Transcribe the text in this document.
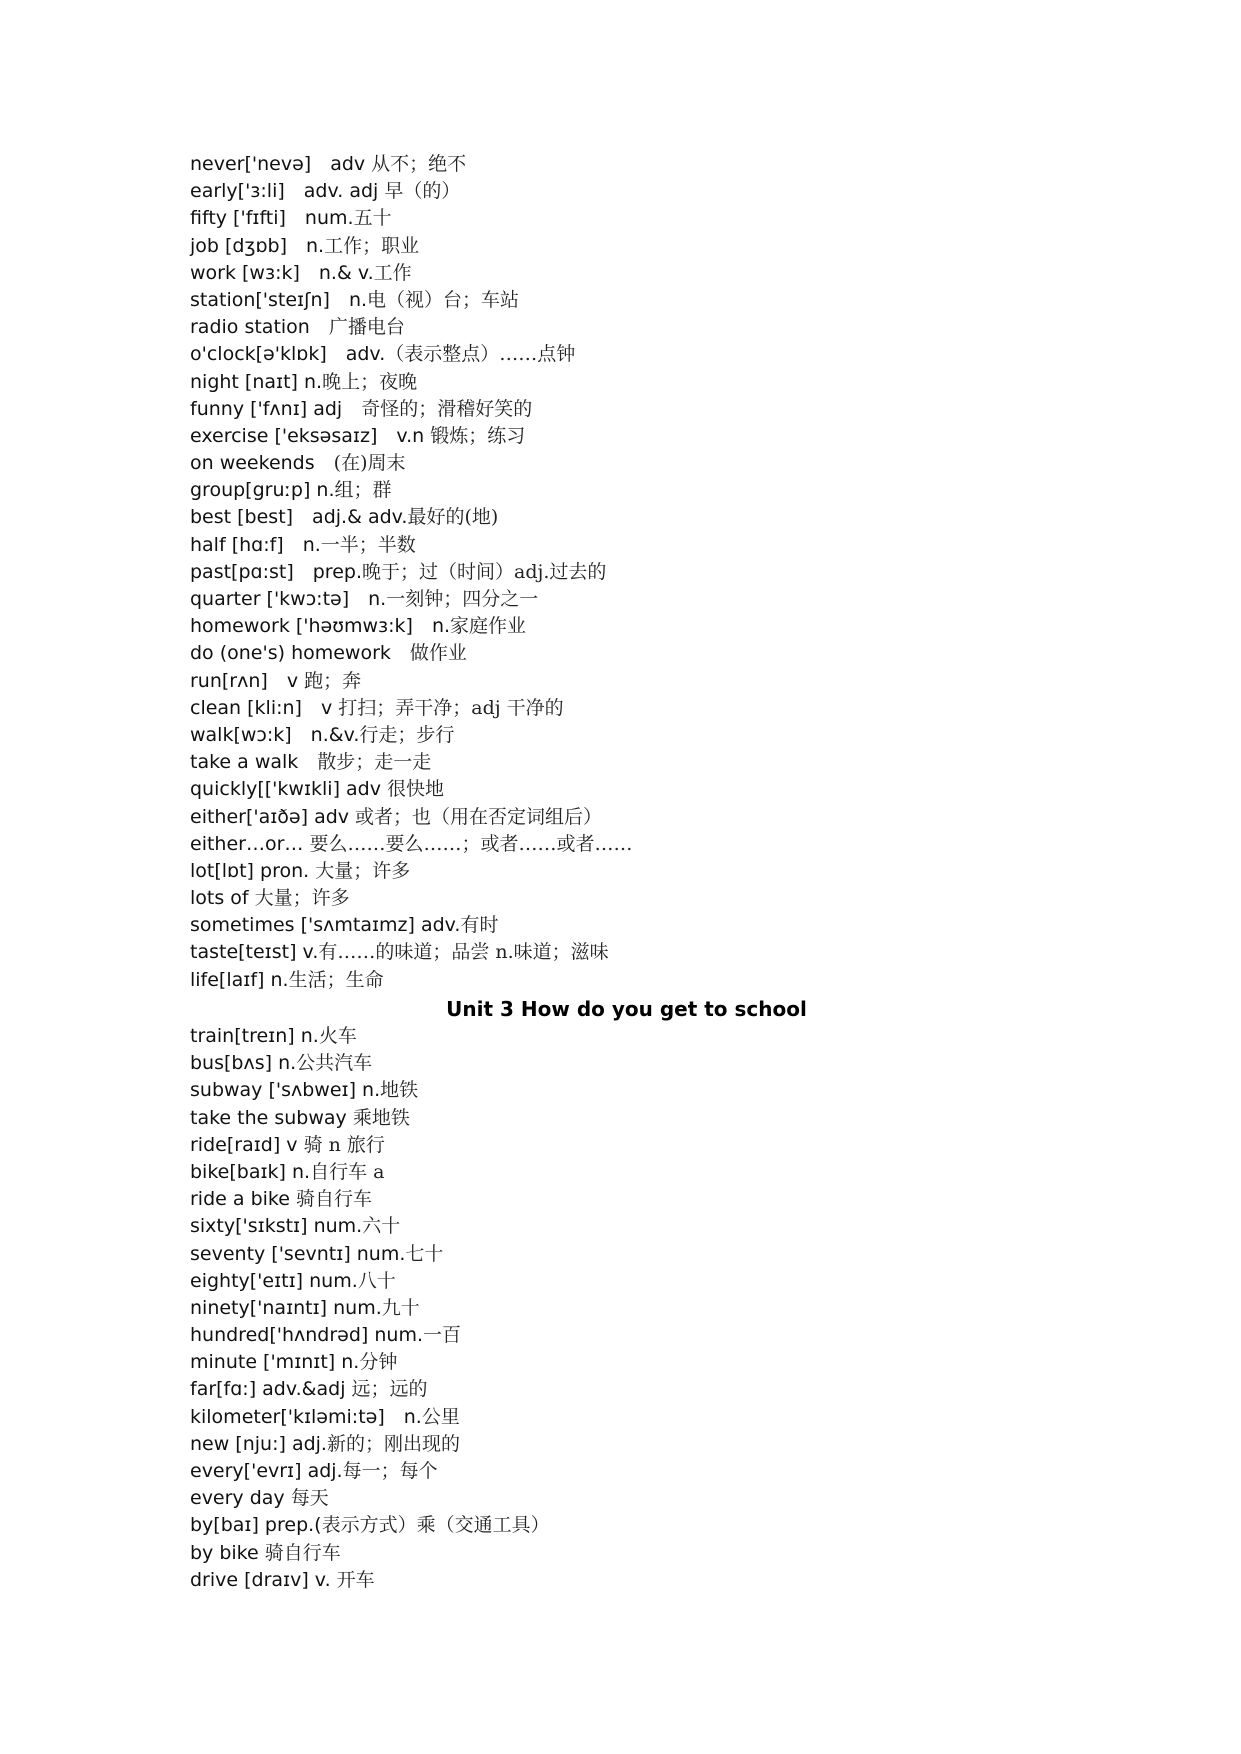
never['nevə]　adv 从不；绝不
early['ɜ:li]　adv. adj 早（的）
fifty ['fɪfti]　num.五十
job [dʒɒb]　n.工作；职业
work [wɜ:k]　n.& v.工作
station['steɪʃn]　n.电（视）台；车站
radio station　广播电台
o'clock[ə'klɒk]　adv.（表示整点）……点钟
night [naɪt] n.晚上；夜晚
funny ['fʌnɪ] adj　奇怪的；滑稽好笑的
exercise ['eksəsaɪz]　v.n 锻炼；练习
on weekends　(在)周末
group[gruːp] n.组；群
best [best]　adj.& adv.最好的(地)
half [hɑ:f]　n.一半；半数
past[pɑ:st]　prep.晚于；过（时间）adj.过去的
quarter ['kwɔ:tə]　n.一刻钟；四分之一
homework ['həʊmwɜ:k]　n.家庭作业
do (one's) homework　做作业
run[rʌn]　v 跑；奔
clean [kli:n]　v 打扫；弄干净；adj 干净的
walk[wɔ:k]　n.&v.行走；步行
take a walk　散步；走一走
quickly[['kwɪkli] adv 很快地
either['aɪðə] adv 或者；也（用在否定词组后）
either…or… 要么……要么……；或者……或者……
lot[lɒt] pron. 大量；许多
lots of 大量；许多
sometimes ['sʌmtaɪmz] adv.有时
taste[teɪst] v.有……的味道；品尝 n.味道；滋味
life[laɪf] n.生活；生命
Unit 3 How do you get to school
train[treɪn] n.火车
bus[bʌs] n.公共汽车
subway ['sʌbweɪ] n.地铁
take the subway 乘地铁
ride[raɪd] v 骑 n 旅行
bike[baɪk] n.自行车 a
ride a bike 骑自行车
sixty['sɪkstɪ] num.六十
seventy ['sevntɪ] num.七十
eighty['eɪtɪ] num.八十
ninety['naɪntɪ] num.九十
hundred['hʌndrəd] num.一百
minute ['mɪnɪt] n.分钟
far[fɑ:] adv.&adj 远；远的
kilometer['kɪləmi:tə]　n.公里
new [nju:] adj.新的；刚出现的
every['evrɪ] adj.每一；每个
every day 每天
by[baɪ] prep.(表示方式）乘（交通工具）
by bike 骑自行车
drive [draɪv] v. 开车
